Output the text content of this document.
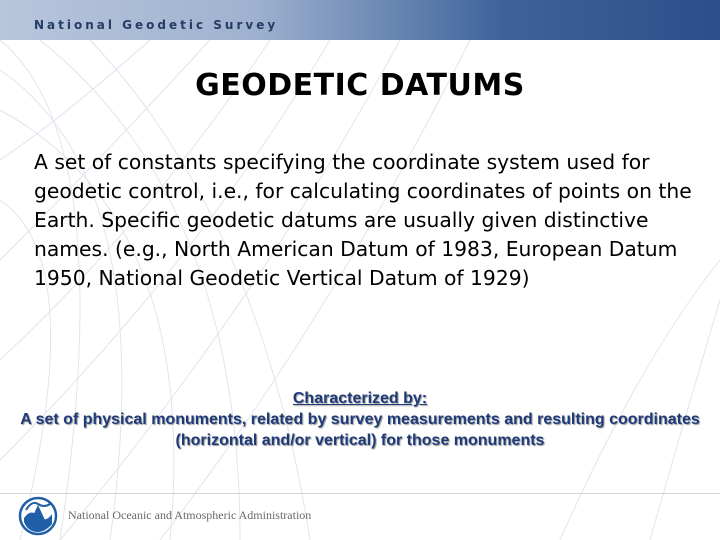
National Geodetic Survey
GEODETIC DATUMS
A set of constants specifying the coordinate system used for geodetic control, i.e., for calculating coordinates of points on the Earth. Specific geodetic datums are usually given distinctive names. (e.g., North American Datum of 1983, European Datum 1950, National Geodetic Vertical Datum of 1929)
Characterized by:
A set of physical monuments, related by survey measurements and resulting coordinates (horizontal and/or vertical) for those monuments
National Oceanic and Atmospheric Administration
